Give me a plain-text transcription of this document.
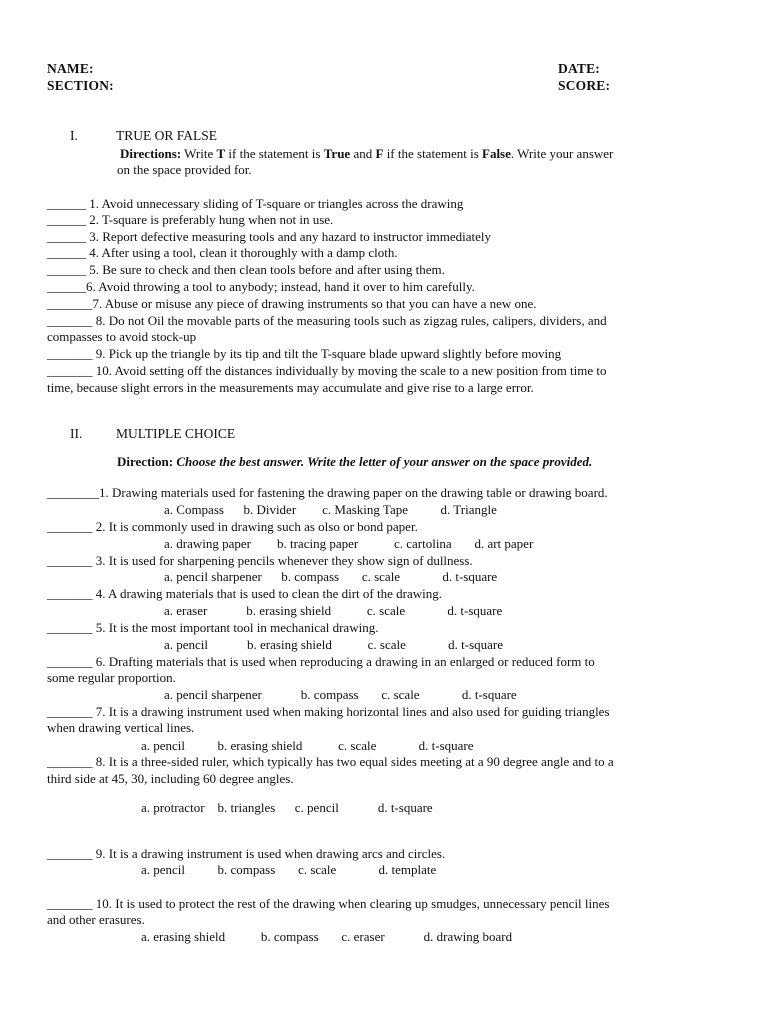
NAME:
SECTION:
DATE:
SCORE:
I.	TRUE OR FALSE
Directions: Write T if the statement is True and F if the statement is False. Write your answer
on the space provided for.
______ 1. Avoid unnecessary sliding of T-square or triangles across the drawing
______ 2. T-square is preferably hung when not in use.
______ 3. Report defective measuring tools and any hazard to instructor immediately
______ 4. After using a tool, clean it thoroughly with a damp cloth.
______ 5. Be sure to check and then clean tools before and after using them.
______6. Avoid throwing a tool to anybody; instead, hand it over to him carefully.
_______7. Abuse or misuse any piece of drawing instruments so that you can have a new one.
_______ 8. Do not Oil the movable parts of the measuring tools such as zigzag rules, calipers, dividers, and
compasses to avoid stock-up
_______ 9. Pick up the triangle by its tip and tilt the T-square blade upward slightly before moving
_______ 10. Avoid setting off the distances individually by moving the scale to a new position from time to
time, because slight errors in the measurements may accumulate and give rise to a large error.
II. MULTIPLE CHOICE
Direction: Choose the best answer. Write the letter of your answer on the space provided.
________1. Drawing materials used for fastening the drawing paper on the drawing table or drawing board.
a. Compass      b. Divider        c. Masking Tape          d. Triangle
_______ 2. It is commonly used in drawing such as olso or bond paper.
a. drawing paper        b. tracing paper           c. cartolina       d. art paper
_______ 3. It is used for sharpening pencils whenever they show sign of dullness.
a. pencil sharpener      b. compass       c. scale             d. t-square
_______ 4. A drawing materials that is used to clean the dirt of the drawing.
a. eraser            b. erasing shield           c. scale             d. t-square
_______ 5. It is the most important tool in mechanical drawing.
a. pencil            b. erasing shield           c. scale             d. t-square
_______ 6. Drafting materials that is used when reproducing a drawing in an enlarged or reduced form to
some regular proportion.
a. pencil sharpener            b. compass       c. scale             d. t-square
_______ 7. It is a drawing instrument used when making horizontal lines and also used for guiding triangles
when drawing vertical lines.
a. pencil          b. erasing shield           c. scale             d. t-square
_______ 8. It is a three-sided ruler, which typically has two equal sides meeting at a 90 degree angle and to a
third side at 45, 30, including 60 degree angles.
a. protractor    b. triangles      c. pencil            d. t-square
_______ 9. It is a drawing instrument is used when drawing arcs and circles.
a. pencil          b. compass       c. scale             d. template
_______ 10. It is used to protect the rest of the drawing when clearing up smudges, unnecessary pencil lines
and other erasures.
a. erasing shield           b. compass       c. eraser            d. drawing board
